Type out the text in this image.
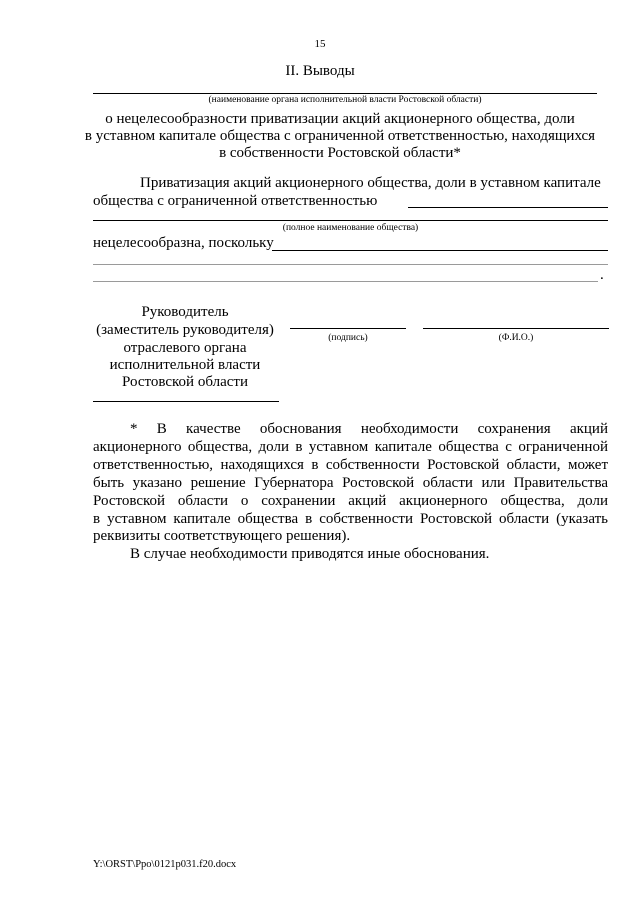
15
II. Выводы
(наименование органа исполнительной власти Ростовской области)
о нецелесообразности приватизации акций акционерного общества, доли
в уставном капитале общества с ограниченной ответственностью, находящихся
в собственности Ростовской области*
Приватизация акций акционерного общества, доли в уставном капитале
общества с ограниченной ответственностью
(полное наименование общества)
нецелесообразна, поскольку
.
Руководитель
(заместитель руководителя)
отраслевого органа
исполнительной власти
Ростовской области
(подпись)	(Ф.И.О.)
* В качестве обоснования необходимости сохранения акций
акционерного общества, доли в уставном капитале общества с ограниченной
ответственностью, находящихся в собственности Ростовской области, может
быть указано решение Губернатора Ростовской области или Правительства
Ростовской области о сохранении акций акционерного общества, доли
в уставном капитале общества в собственности Ростовской области (указать
реквизиты соответствующего решения).
В случае необходимости приводятся иные обоснования.
Y:\ORST\Ppo\0121p031.f20.docx
